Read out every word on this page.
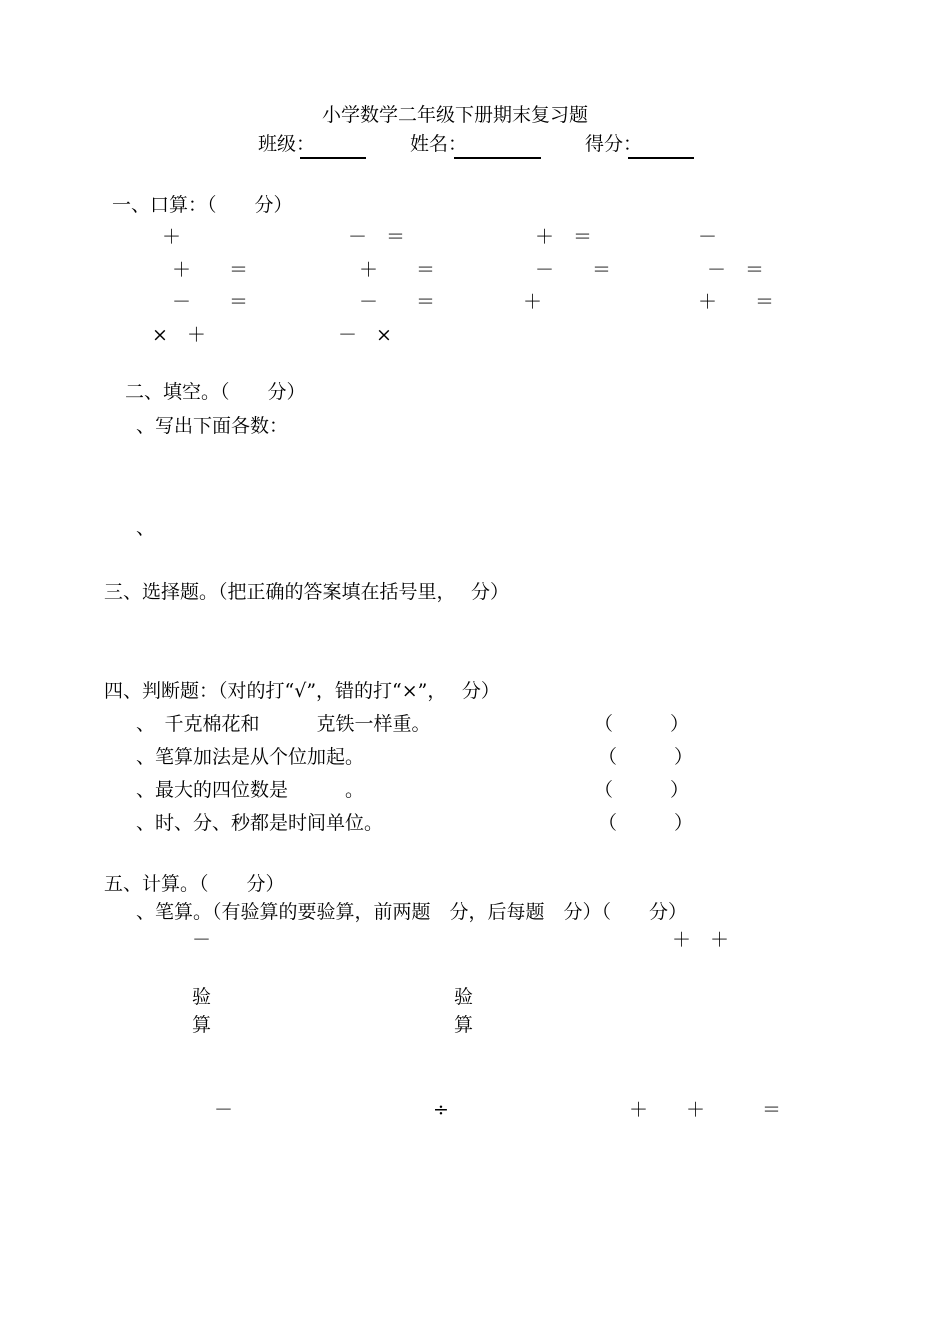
小学数学二年级下册期末复习题
班级：	姓名：	得分：
一、口算：（　　分）
＋	－　＝	＋　＝	－
＋　　＝	＋　　＝	－　　＝	－　＝
－　　＝	－　　＝	＋	＋　　＝
×　＋	－　×
二、填空。（　　分）
、写出下面各数：
、
三、选择题。（把正确的答案填在括号里，　 分）
四、判断题：（对的打“√”，错的打“×”，　 分）
、　千克棉花和　　　克铁一样重。	（　　　）
、笔算加法是从个位加起。	（　　　）
、最大的四位数是　　　。	（　　　）
、时、分、秒都是时间单位。	（　　　）
五、计算。（　　分）
、笔算。（有验算的要验算，前两题　分，后每题　分）（　　分）
－	＋　＋
验
算
验
算
－	÷	＋　　＋　　　＝
